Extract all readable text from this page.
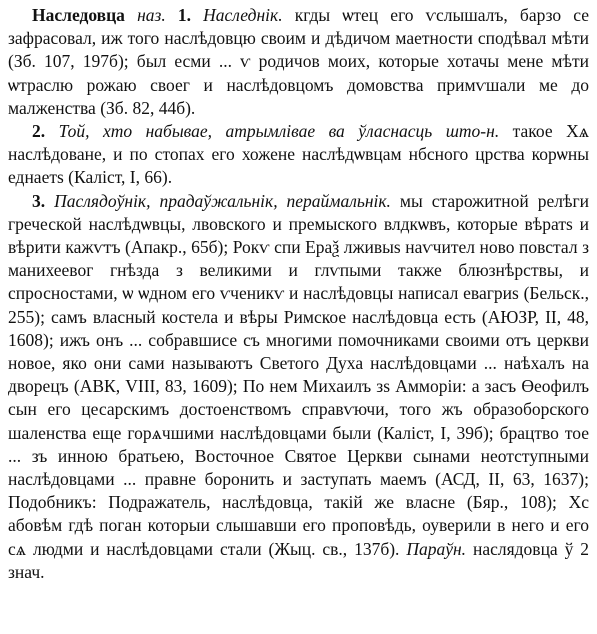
Наследовца наз. 1. Наследнік. кгды ѡтец его ѵслышалъ, барзо се зафрасовал, иж того наслѣдовцю своим и дѣдичом маетности сподѣвал мѣти (Зб. 107, 197б); был есми ... ѵ родичов моих, которые хотачы мене мѣти ѡтраслю рожаю своег и наслѣдовцомъ домовства примѵшали ме до малженства (Зб. 82, 44б).

2. Той, хто набывае, атрымлівае ва ўласнасць што-н. такое Хѧ наслѣдоване, и по стопах его хожене наслѣдѡвцам нбсного црства корѡны еднаетs (Каліст, I, 66).

3. Паслядоўнік, прадаўжальнік, пераймальнік. мы старожитной релѣги греческой наслѣдѡвцы, лвовского и премыского влдкѡвъ, которые вѣратs и вѣрити кажѵтъ (Апакр., 65б); Рокѵ спи Ераѯ лживыs наѵчител ново повстал з манихеевог гнѣзда з великими и глѵпыми также блюзнѣрствы, и спросностами, ѡ ѡдном его ѵченикѵ и наслѣдовцы написал евагриs (Бельск., 255); самъ власный костела и вѣры Римское наслѣдовца есть (АЮЗР, II, 48, 1608); ижъ онъ ... собравшисе съ многими помочниками своими отъ церкви новое, яко они сами называютъ Светого Духа наслѣдовцами ... наѣхалъ на дворецъ (АВК, VIII, 83, 1609); По нем Михаилъ зs Амморіи: а засъ Өеофилъ сын его цесарскимъ достоенствомъ справѵючи, того жъ образоборского шаленства еще горѧчшими наслѣдовцами были (Каліст, I, 39б); брацтво тое ... зъ инною братьею, Восточное Святое Церкви сынами неотступными наслѣдовцами ... правне боронить и заступать маемъ (АСД, II, 63, 1637); Подобникъ: Подражатель, наслѣдовца, такій же власне (Бяр., 108); Хс абовѣм гдѣ поган которыи слышавши его проповѣдь, оуверили в него и его сѧ людми и наслѣдовцами стали (Жыц. св., 137б). Параўн. наслядовца ў 2 знач.
